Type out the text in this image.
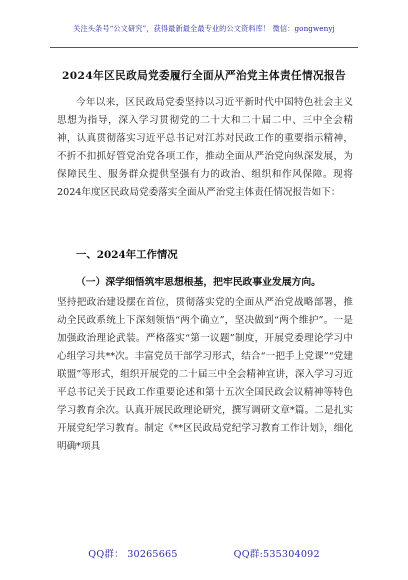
关注头条号“公文研究”，获得最新最全最专业的公文资料库！ 微信：gongwenyj
2024年区民政局党委履行全面从严治党主体责任情况报告
今年以来，区民政局党委坚持以习近平新时代中国特色社会主义思想为指导，深入学习贯彻党的二十大和二十届二中、三中全会精神，认真贯彻落实习近平总书记对江苏对民政工作的重要指示精神，不折不扣抓好管党治党各项工作，推动全面从严治党向纵深发展，为保障民生、服务群众提供坚强有力的政治、组织和作风保障。现将2024年度区民政局党委落实全面从严治党主体责任情况报告如下：
一、2024年工作情况
（一）深学细悟筑牢思想根基，把牢民政事业发展方向。
坚持把政治建设摆在首位，贯彻落实党的全面从严治党战略部署，推动全民政系统上下深刻领悟“两个确立”，坚决做到“两个维护”。一是加强政治理论武装。严格落实“第一议题”制度，开展党委理论学习中心组学习共**次。丰富党员干部学习形式，结合“一把手上党课”“党建联盟”等形式，组织开展党的二十届三中全会精神宣讲，深入学习习近平总书记关于民政工作重要论述和第十五次全国民政会议精神等特色学习教育余次。认真开展民政理论研究，撰写调研文章*篇。二是扎实开展党纪学习教育。制定《**区民政局党纪学习教育工作计划》，细化明确*项具
QQ群： 30265665	QQ群:535304092
